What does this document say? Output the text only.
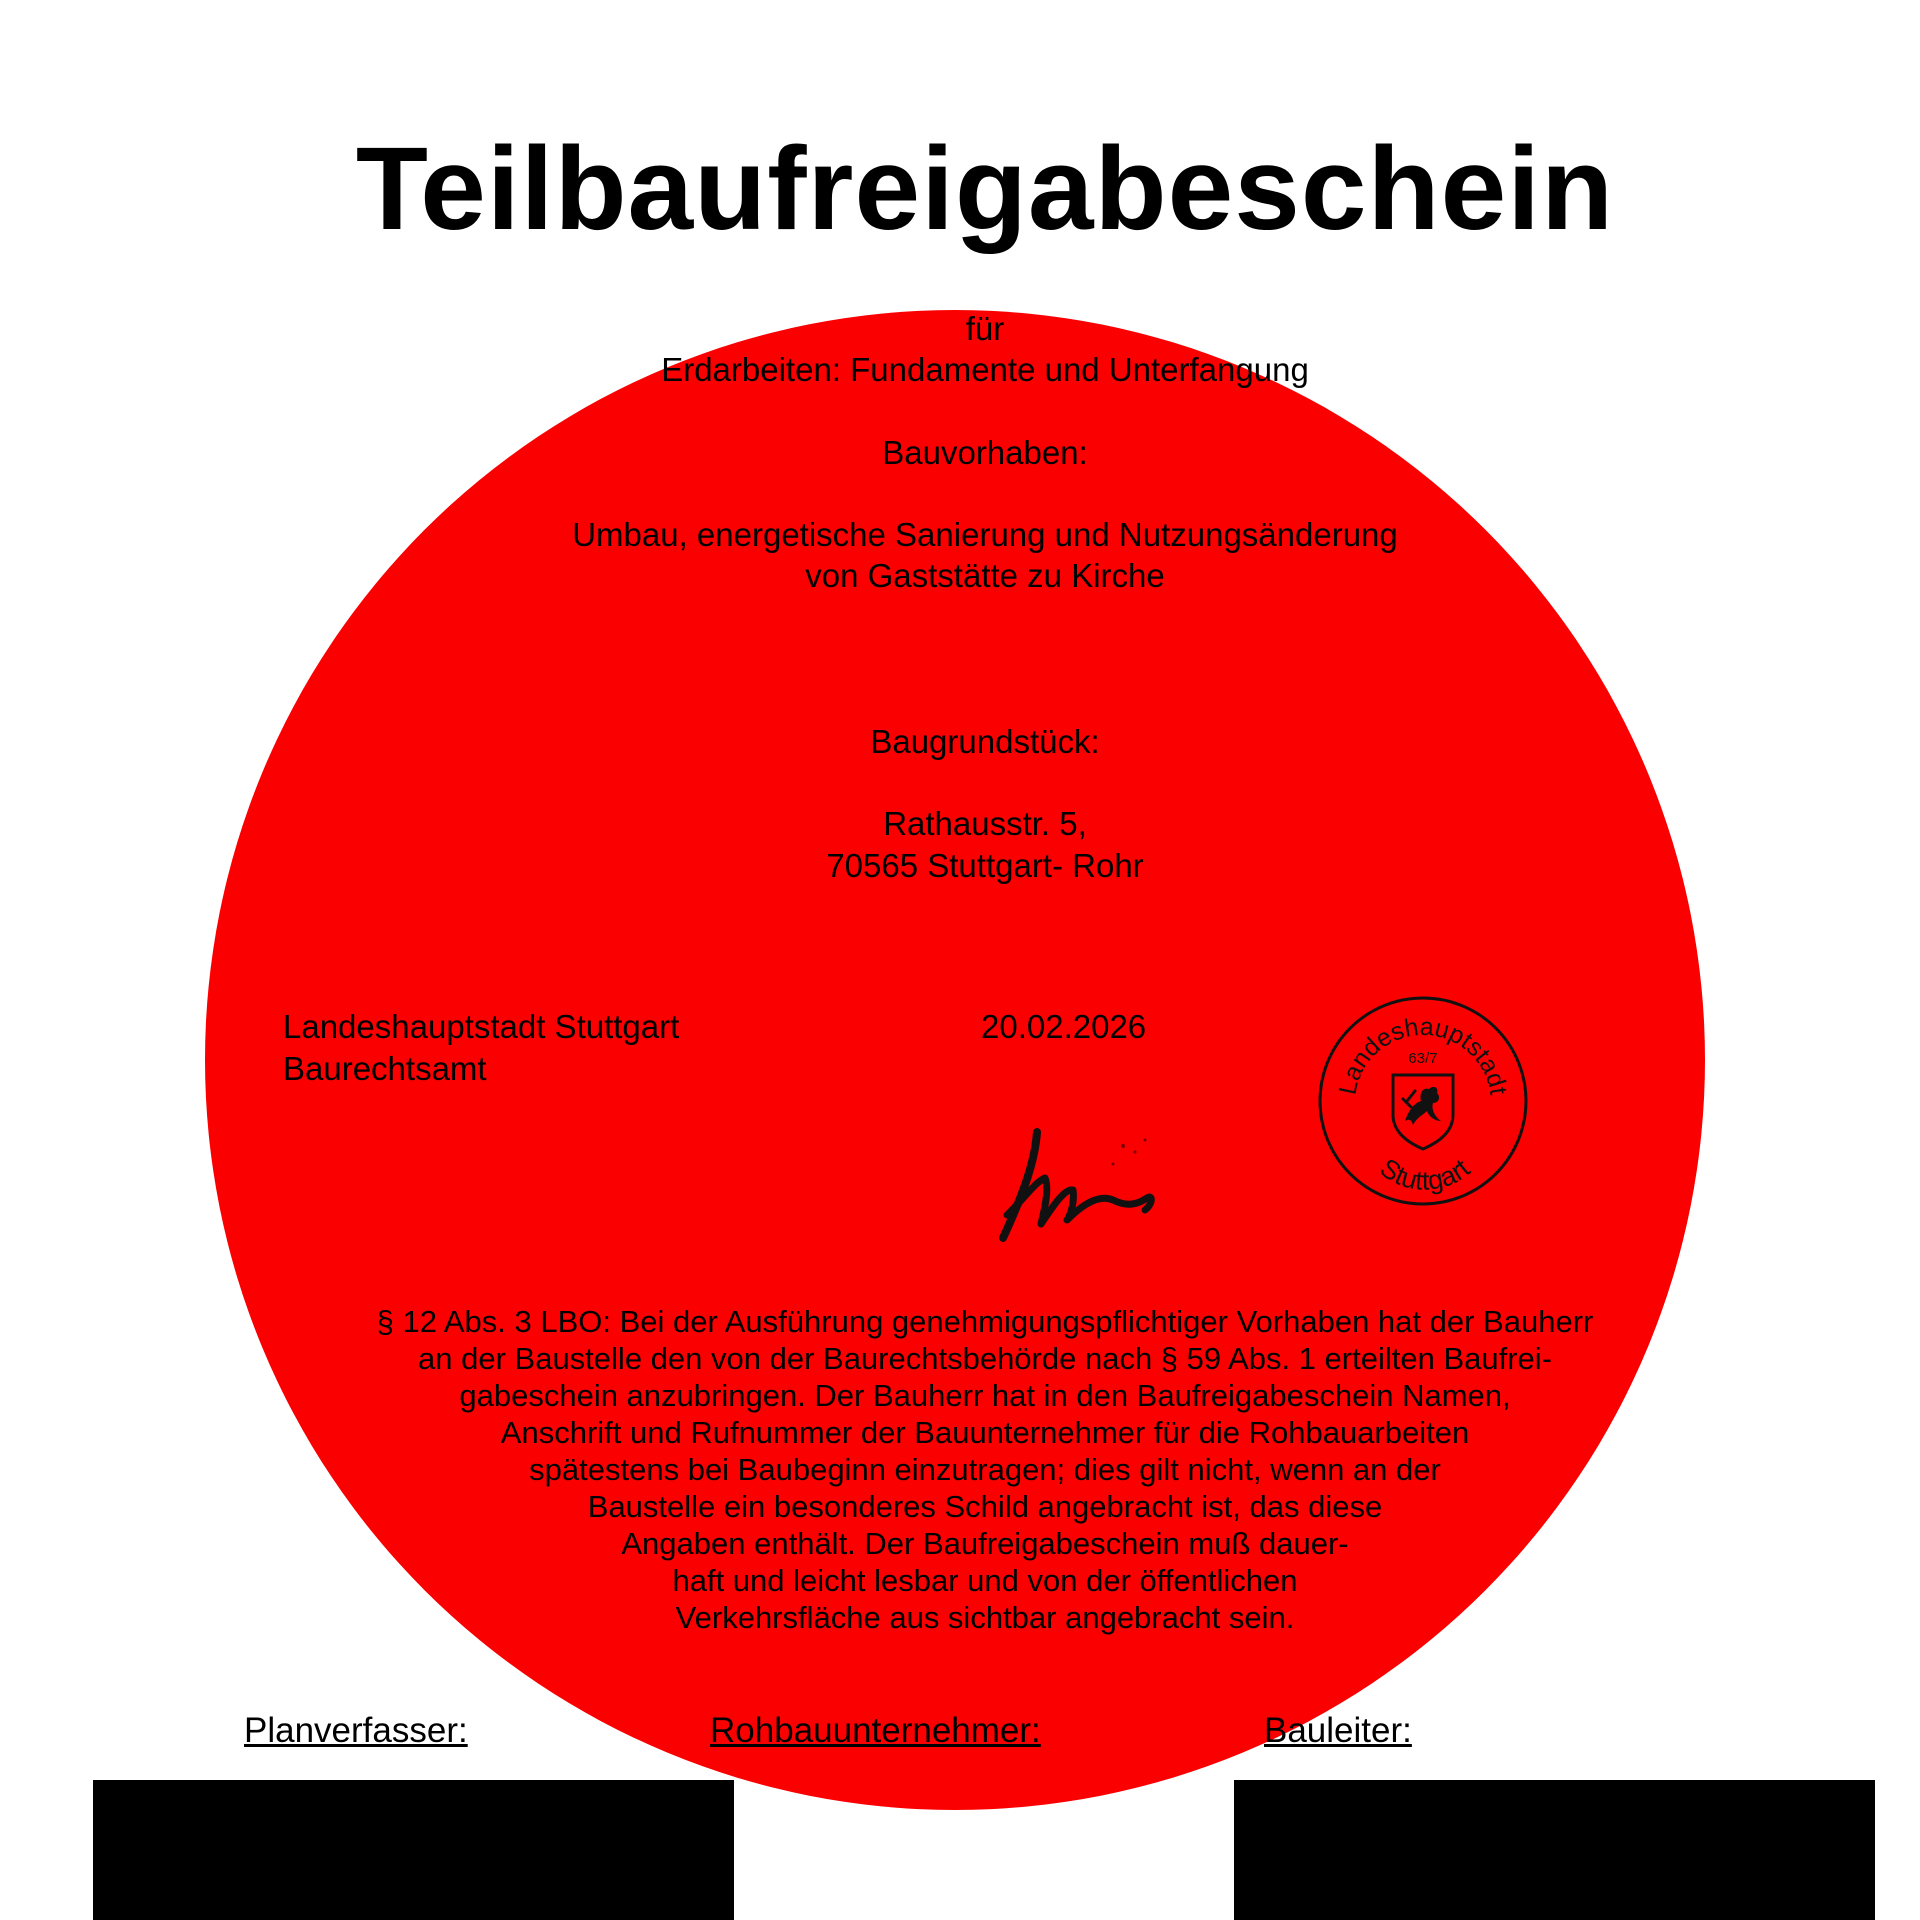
Teilbaufreigabeschein
für
Erdarbeiten: Fundamente und Unterfangung
Bauvorhaben:
Umbau, energetische Sanierung und Nutzungsänderung
von Gaststätte zu Kirche
Baugrundstück:
Rathausstr. 5,
70565 Stuttgart- Rohr
Landeshauptstadt Stuttgart
Baurechtsamt
20.02.2026
Landeshauptstadt
Stuttgart
63/7
§ 12 Abs. 3 LBO: Bei der Ausführung genehmigungspflichtiger Vorhaben hat der Bauherr
an der Baustelle den von der Baurechtsbehörde nach § 59 Abs. 1 erteilten Baufrei-
gabeschein anzubringen. Der Bauherr hat in den Baufreigabeschein Namen,
Anschrift und Rufnummer der Bauunternehmer für die Rohbauarbeiten
spätestens bei Baubeginn einzutragen; dies gilt nicht, wenn an der
Baustelle ein besonderes Schild angebracht ist, das diese
Angaben enthält. Der Baufreigabeschein muß dauer-
haft und leicht lesbar und von der öffentlichen
Verkehrsfläche aus sichtbar angebracht sein.
Planverfasser:	Rohbauunternehmer:	Bauleiter:
